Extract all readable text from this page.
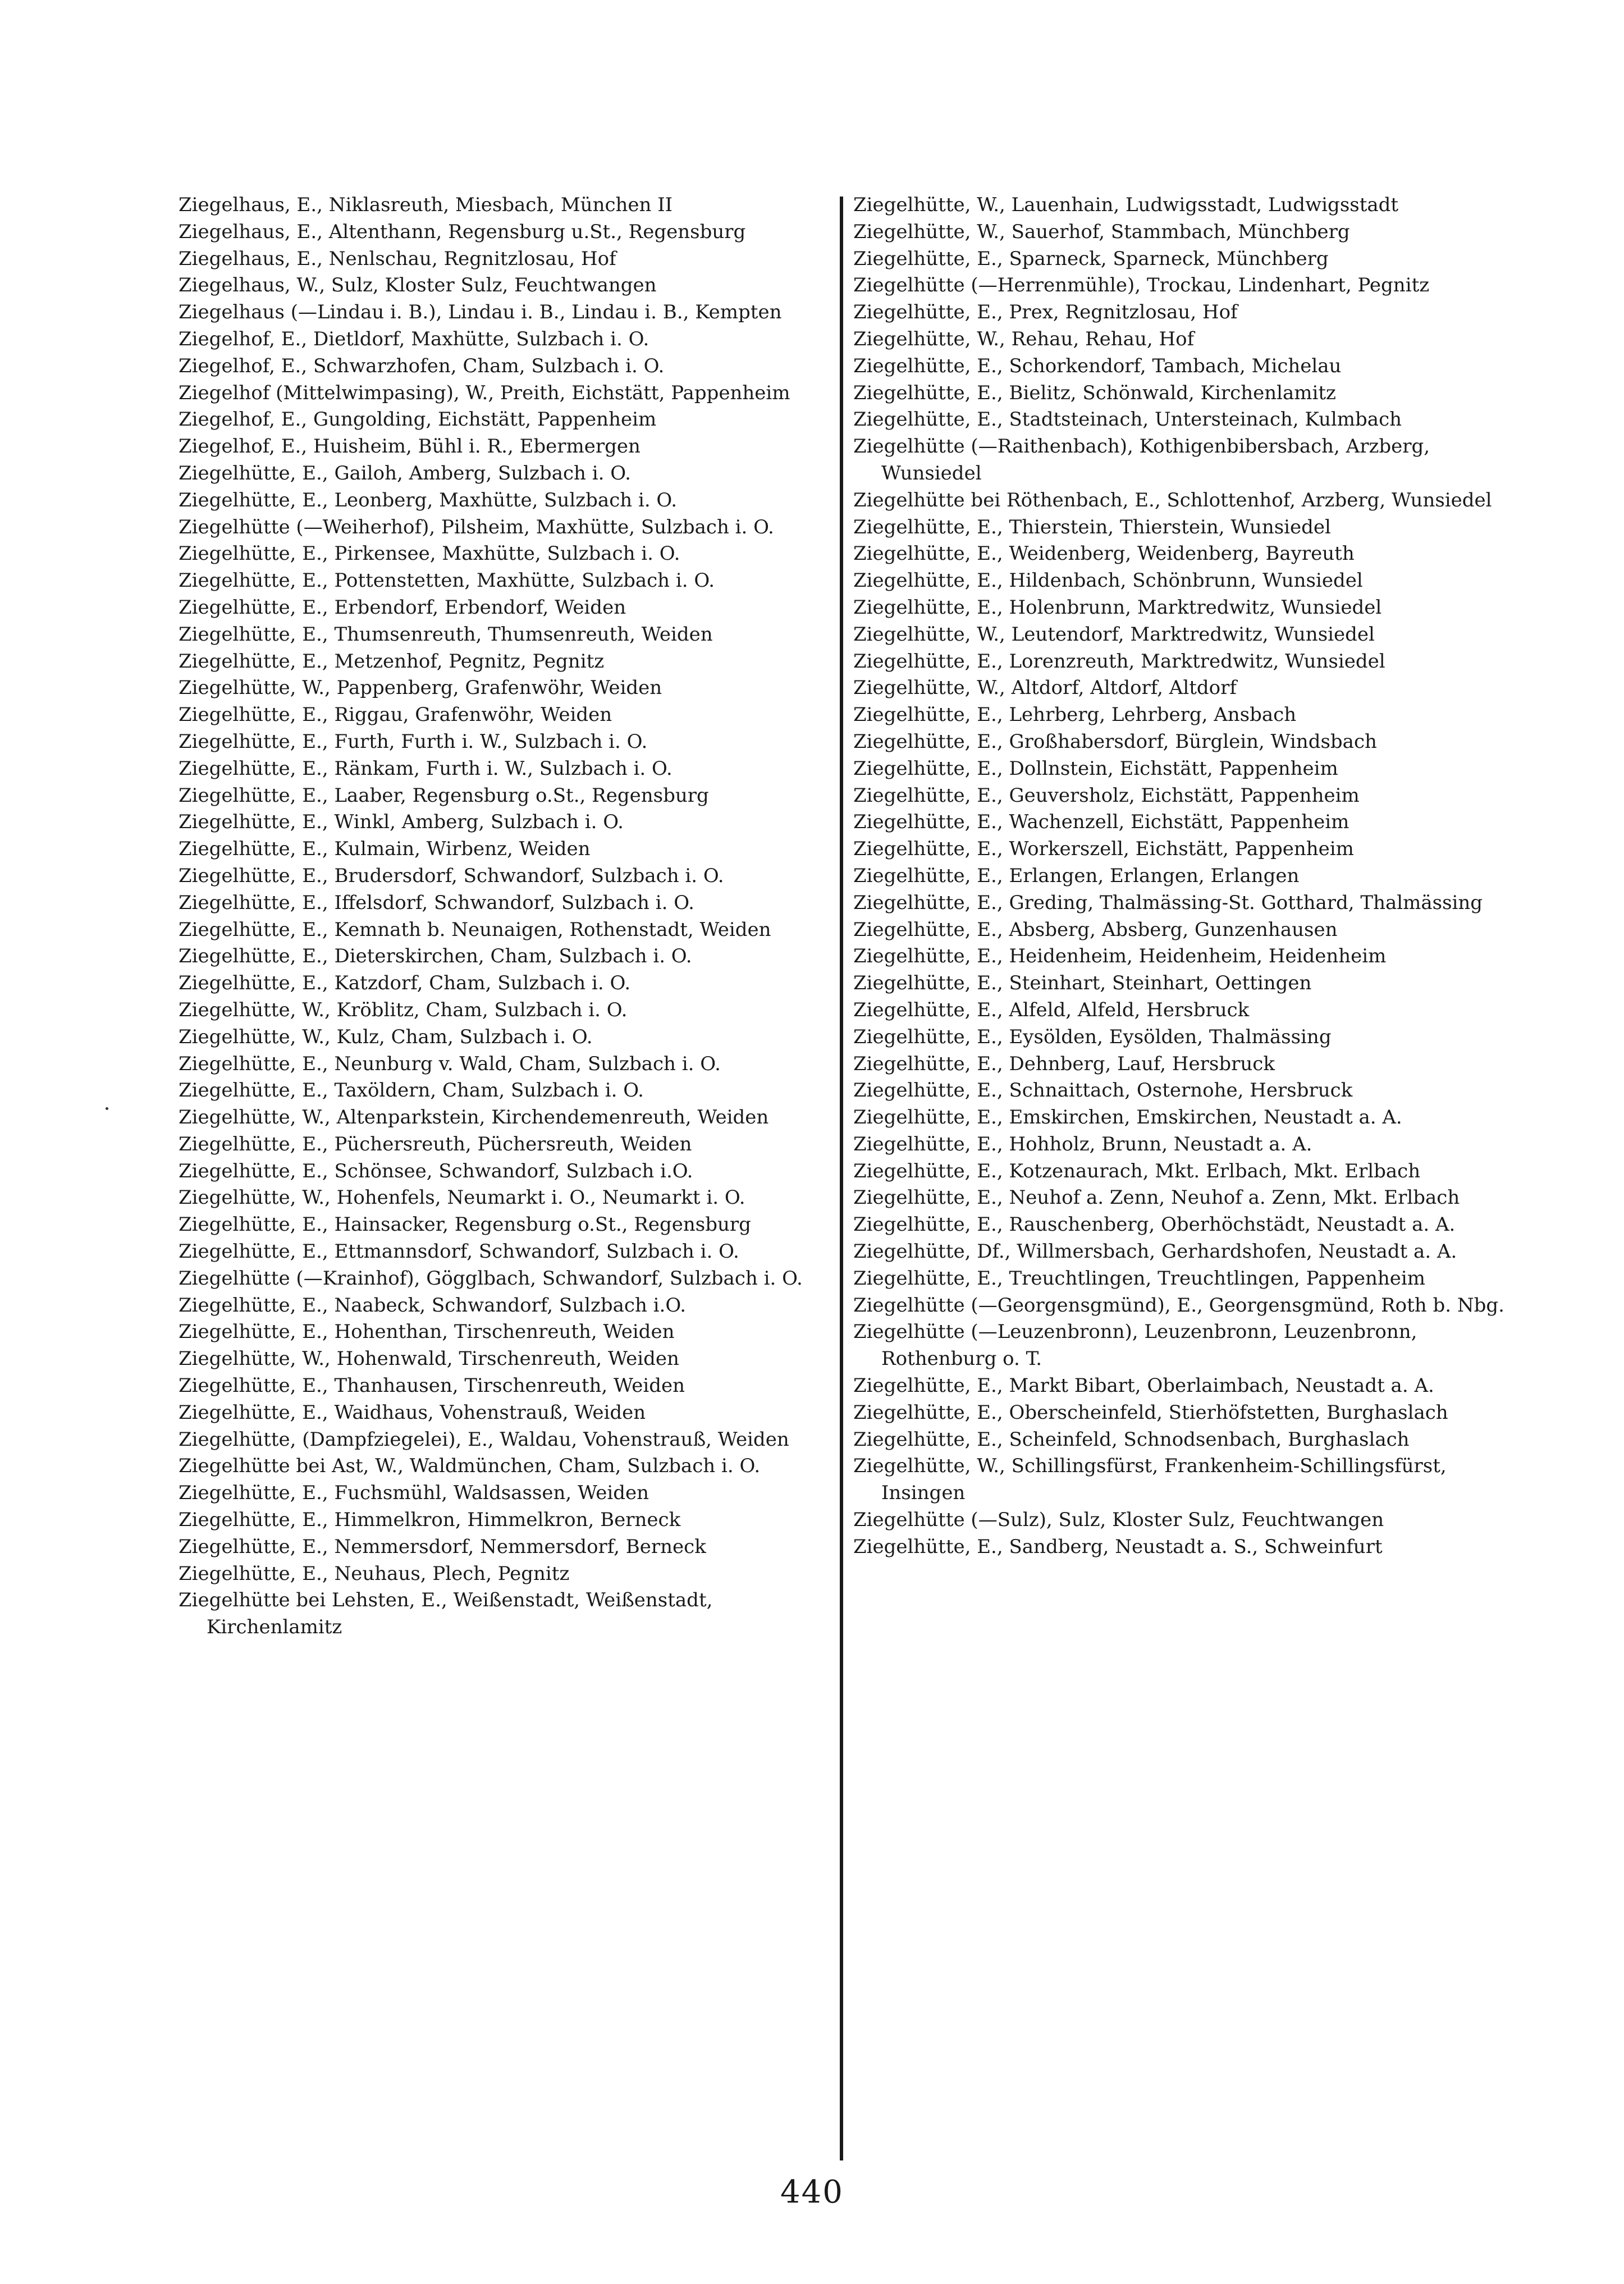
Ziegelhaus, E., Niklasreuth, Miesbach, München II

Ziegelhaus, E., Altenthann, Regensburg u.St., Regensburg

Ziegelhaus, E., Nenlschau, Regnitzlosau, Hof

Ziegelhaus, W., Sulz, Kloster Sulz, Feuchtwangen

Ziegelhaus (—Lindau i. B.), Lindau i. B., Lindau i. B., Kempten

Ziegelhof, E., Dietldorf, Maxhütte, Sulzbach i. O.

Ziegelhof, E., Schwarzhofen, Cham, Sulzbach i. O.

Ziegelhof (Mittelwimpasing), W., Preith, Eichstätt, Pappenheim

Ziegelhof, E., Gungolding, Eichstätt, Pappenheim

Ziegelhof, E., Huisheim, Bühl i. R., Ebermergen

Ziegelhütte, E., Gailoh, Amberg, Sulzbach i. O.

Ziegelhütte, E., Leonberg, Maxhütte, Sulzbach i. O.

Ziegelhütte (—Weiherhof), Pilsheim, Maxhütte, Sulzbach i. O.

Ziegelhütte, E., Pirkensee, Maxhütte, Sulzbach i. O.

Ziegelhütte, E., Pottenstetten, Maxhütte, Sulzbach i. O.

Ziegelhütte, E., Erbendorf, Erbendorf, Weiden

Ziegelhütte, E., Thumsenreuth, Thumsenreuth, Weiden

Ziegelhütte, E., Metzenhof, Pegnitz, Pegnitz

Ziegelhütte, W., Pappenberg, Grafenwöhr, Weiden

Ziegelhütte, E., Riggau, Grafenwöhr, Weiden

Ziegelhütte, E., Furth, Furth i. W., Sulzbach i. O.

Ziegelhütte, E., Ränkam, Furth i. W., Sulzbach i. O.

Ziegelhütte, E., Laaber, Regensburg o.St., Regensburg

Ziegelhütte, E., Winkl, Amberg, Sulzbach i. O.

Ziegelhütte, E., Kulmain, Wirbenz, Weiden

Ziegelhütte, E., Brudersdorf, Schwandorf, Sulzbach i. O.

Ziegelhütte, E., Iffelsdorf, Schwandorf, Sulzbach i. O.

Ziegelhütte, E., Kemnath b. Neunaigen, Rothenstadt, Weiden

Ziegelhütte, E., Dieterskirchen, Cham, Sulzbach i. O.

Ziegelhütte, E., Katzdorf, Cham, Sulzbach i. O.

Ziegelhütte, W., Kröblitz, Cham, Sulzbach i. O.

Ziegelhütte, W., Kulz, Cham, Sulzbach i. O.

Ziegelhütte, E., Neunburg v. Wald, Cham, Sulzbach i. O.

Ziegelhütte, E., Taxöldern, Cham, Sulzbach i. O.

Ziegelhütte, W., Altenparkstein, Kirchendemenreuth, Weiden

Ziegelhütte, E., Püchersreuth, Püchersreuth, Weiden

Ziegelhütte, E., Schönsee, Schwandorf, Sulzbach i.O.

Ziegelhütte, W., Hohenfels, Neumarkt i. O., Neumarkt i. O.

Ziegelhütte, E., Hainsacker, Regensburg o.St., Regensburg

Ziegelhütte, E., Ettmannsdorf, Schwandorf, Sulzbach i. O.

Ziegelhütte (—Krainhof), Gögglbach, Schwandorf, Sulzbach i. O.

Ziegelhütte, E., Naabeck, Schwandorf, Sulzbach i.O.

Ziegelhütte, E., Hohenthan, Tirschenreuth, Weiden

Ziegelhütte, W., Hohenwald, Tirschenreuth, Weiden

Ziegelhütte, E., Thanhausen, Tirschenreuth, Weiden

Ziegelhütte, E., Waidhaus, Vohenstrauß, Weiden

Ziegelhütte, (Dampfziegelei), E., Waldau, Vohenstrauß, Weiden

Ziegelhütte bei Ast, W., Waldmünchen, Cham, Sulzbach i. O.

Ziegelhütte, E., Fuchsmühl, Waldsassen, Weiden

Ziegelhütte, E., Himmelkron, Himmelkron, Berneck

Ziegelhütte, E., Nemmersdorf, Nemmersdorf, Berneck

Ziegelhütte, E., Neuhaus, Plech, Pegnitz

Ziegelhütte bei Lehsten, E., Weißenstadt, Weißenstadt, Kirchenlamitz

Ziegelhütte, W., Lauenhain, Ludwigsstadt, Ludwigsstadt

Ziegelhütte, W., Sauerhof, Stammbach, Münchberg

Ziegelhütte, E., Sparneck, Sparneck, Münchberg

Ziegelhütte (—Herrenmühle), Trockau, Lindenhart, Pegnitz

Ziegelhütte, E., Prex, Regnitzlosau, Hof

Ziegelhütte, W., Rehau, Rehau, Hof

Ziegelhütte, E., Schorkendorf, Tambach, Michelau

Ziegelhütte, E., Bielitz, Schönwald, Kirchenlamitz

Ziegelhütte, E., Stadtsteinach, Untersteinach, Kulmbach

Ziegelhütte (—Raithenbach), Kothigenbibersbach, Arzberg, Wunsiedel

Ziegelhütte bei Röthenbach, E., Schlottenhof, Arzberg, Wunsiedel

Ziegelhütte, E., Thierstein, Thierstein, Wunsiedel

Ziegelhütte, E., Weidenberg, Weidenberg, Bayreuth

Ziegelhütte, E., Hildenbach, Schönbrunn, Wunsiedel

Ziegelhütte, E., Holenbrunn, Marktredwitz, Wunsiedel

Ziegelhütte, W., Leutendorf, Marktredwitz, Wunsiedel

Ziegelhütte, E., Lorenzreuth, Marktredwitz, Wunsiedel

Ziegelhütte, W., Altdorf, Altdorf, Altdorf

Ziegelhütte, E., Lehrberg, Lehrberg, Ansbach

Ziegelhütte, E., Großhabersdorf, Bürglein, Windsbach

Ziegelhütte, E., Dollnstein, Eichstätt, Pappenheim

Ziegelhütte, E., Geuversholz, Eichstätt, Pappenheim

Ziegelhütte, E., Wachenzell, Eichstätt, Pappenheim

Ziegelhütte, E., Workerszell, Eichstätt, Pappenheim

Ziegelhütte, E., Erlangen, Erlangen, Erlangen

Ziegelhütte, E., Greding, Thalmässing-St. Gotthard, Thalmässing

Ziegelhütte, E., Absberg, Absberg, Gunzenhausen

Ziegelhütte, E., Heidenheim, Heidenheim, Heidenheim

Ziegelhütte, E., Steinhart, Steinhart, Oettingen

Ziegelhütte, E., Alfeld, Alfeld, Hersbruck

Ziegelhütte, E., Eysölden, Eysölden, Thalmässing

Ziegelhütte, E., Dehnberg, Lauf, Hersbruck

Ziegelhütte, E., Schnaittach, Osternohe, Hersbruck

Ziegelhütte, E., Emskirchen, Emskirchen, Neustadt a. A.

Ziegelhütte, E., Hohholz, Brunn, Neustadt a. A.

Ziegelhütte, E., Kotzenaurach, Mkt. Erlbach, Mkt. Erlbach

Ziegelhütte, E., Neuhof a. Zenn, Neuhof a. Zenn, Mkt. Erlbach

Ziegelhütte, E., Rauschenberg, Oberhöchstädt, Neustadt a. A.

Ziegelhütte, Df., Willmersbach, Gerhardshofen, Neustadt a. A.

Ziegelhütte, E., Treuchtlingen, Treuchtlingen, Pappenheim

Ziegelhütte (—Georgensgmünd), E., Georgensgmünd, Roth b. Nbg.

Ziegelhütte (—Leuzenbronn), Leuzenbronn, Leuzenbronn, Rothenburg o. T.

Ziegelhütte, E., Markt Bibart, Oberlaimbach, Neustadt a. A.

Ziegelhütte, E., Oberscheinfeld, Stierhöfstetten, Burghaslach

Ziegelhütte, E., Scheinfeld, Schnodsenbach, Burghaslach

Ziegelhütte, W., Schillingsfürst, Frankenheim-Schillingsfürst, Insingen

Ziegelhütte (—Sulz), Sulz, Kloster Sulz, Feuchtwangen

Ziegelhütte, E., Sandberg, Neustadt a. S., Schweinfurt

440
